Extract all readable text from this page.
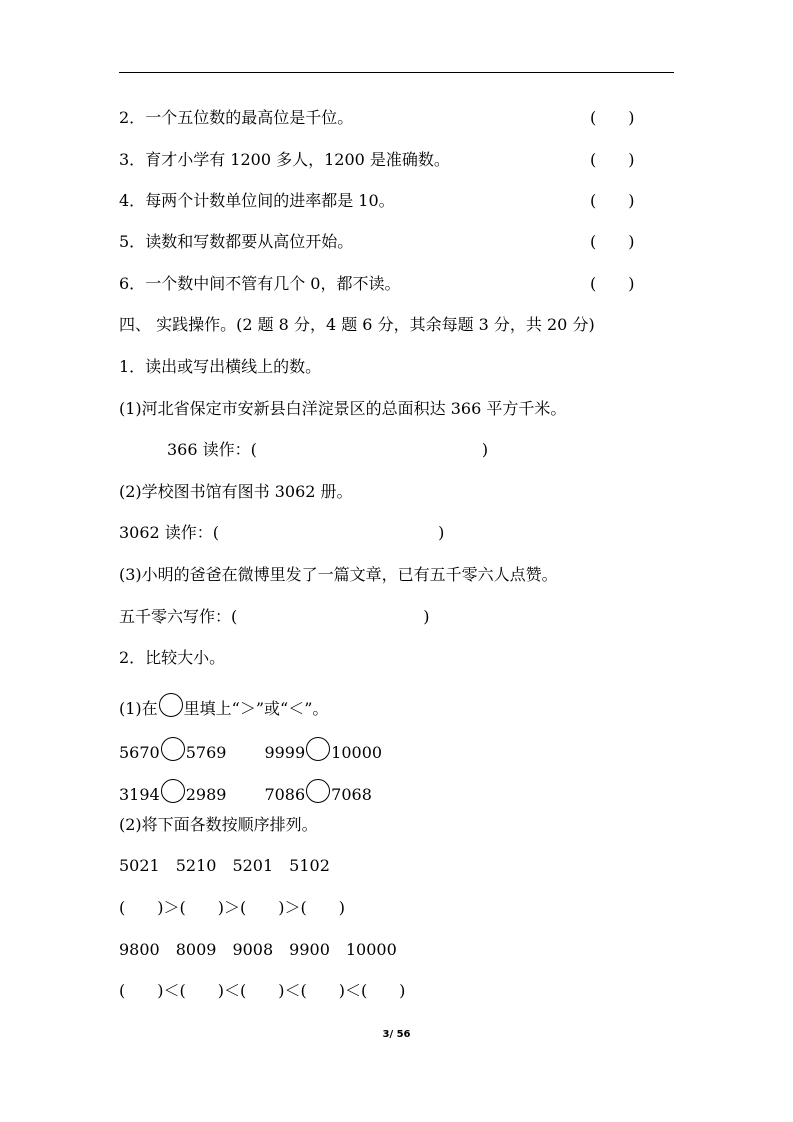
2．一个五位数的最高位是千位。	(　　)
3．育才小学有 1200 多人，1200 是准确数。	(　　)
4．每两个计数单位间的进率都是 10。	(　　)
5．读数和写数都要从高位开始。	(　　)
6．一个数中间不管有几个 0，都不读。	(　　)
四、 实践操作。(2 题 8 分，4 题 6 分，其余每题 3 分，共 20 分)
1．读出或写出横线上的数。
(1)河北省保定市安新县白洋淀景区的总面积达 366 平方千米。
366 读作：(	)
(2)学校图书馆有图书 3062 册。
3062 读作：(	)
(3)小明的爸爸在微博里发了一篇文章，已有五千零六人点赞。
五千零六写作：(	)
2．比较大小。
(1)在 里填上“＞”或“＜”。
5670 5769 9999 10000
3194 2989 7086 7068
(2)将下面各数按顺序排列。
5021　5210　5201　5102
(　　)＞(　　)＞(　　)＞(　　)
9800　8009　9008　9900　10000
(　　)＜(　　)＜(　　)＜(　　)＜(　　)
3/ 56
